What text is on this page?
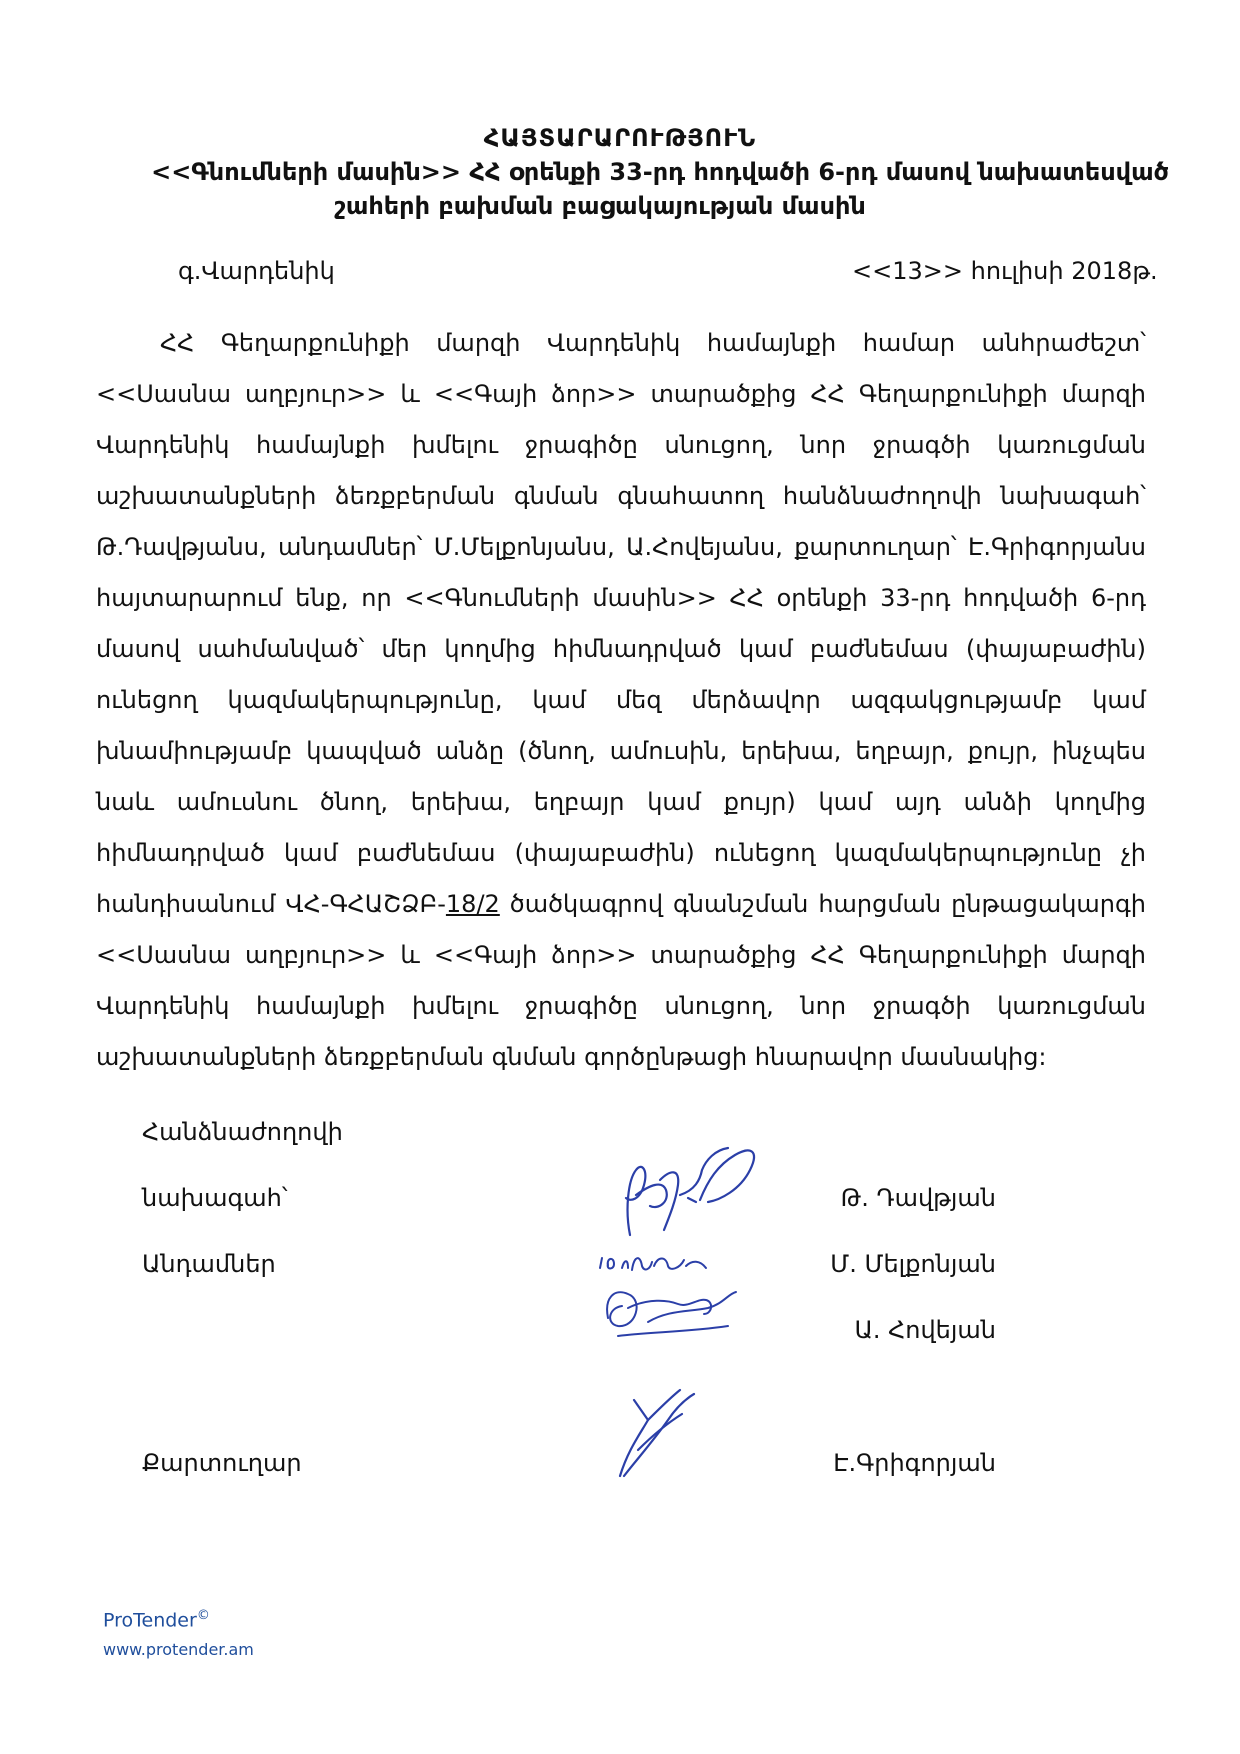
ՀԱՅՏԱՐԱՐՈՒԹՅՈՒՆ
<<Գնումների մասին>> ՀՀ օրենքի 33-րդ հոդվածի 6-րդ մասով նախատեսված
շահերի բախման բացակայության մասին
գ.Վարդենիկ	<<13>> հուլիսի 2018թ.
ՀՀ Գեղարքունիքի մարզի Վարդենիկ համայնքի համար անհրաժեշտ՝ <<Սասնա աղբյուր>> և <<Գայի ձոր>> տարածքից ՀՀ Գեղարքունիքի մարզի Վարդենիկ համայնքի խմելու ջրագիծը սնուցող, նոր ջրագծի կառուցման աշխատանքների ձեռքբերման գնման գնահատող հանձնաժողովի նախագահ՝ Թ.Դավթյանս, անդամներ՝ Մ.Մելքոնյանս, Ա.Հովեյանս, քարտուղար՝ Է.Գրիգորյանս հայտարարում ենք, որ <<Գնումների մասին>> ՀՀ օրենքի 33-րդ հոդվածի 6-րդ մասով սահմանված՝ մեր կողմից հիմնադրված կամ բաժնեմաս (փայաբաժին) ունեցող կազմակերպությունը, կամ մեզ մերձավոր ազգակցությամբ կամ խնամիությամբ կապված անձը (ծնող, ամուսին, երեխա, եղբայր, քույր, ինչպես նաև ամուսնու ծնող, երեխա, եղբայր կամ քույր) կամ այդ անձի կողմից հիմնադրված կամ բաժնեմաս (փայաբաժին) ունեցող կազմակերպությունը չի հանդիսանում ՎՀ-ԳՀԱՇՁԲ-18/2 ծածկագրով գնանշման հարցման ընթացակարգի <<Սասնա աղբյուր>> և <<Գայի ձոր>> տարածքից ՀՀ Գեղարքունիքի մարզի Վարդենիկ համայնքի խմելու ջրագիծը սնուցող, նոր ջրագծի կառուցման աշխատանքների ձեռքբերման գնման գործընթացի հնարավոր մասնակից:
Հանձնաժողովի
նախագահ՝	Թ. Դավթյան
Անդամներ	Մ. Մելքոնյան
Ա. Հովեյան
Քարտուղար	Է.Գրիգորյան
ProTender©
www.protender.am
